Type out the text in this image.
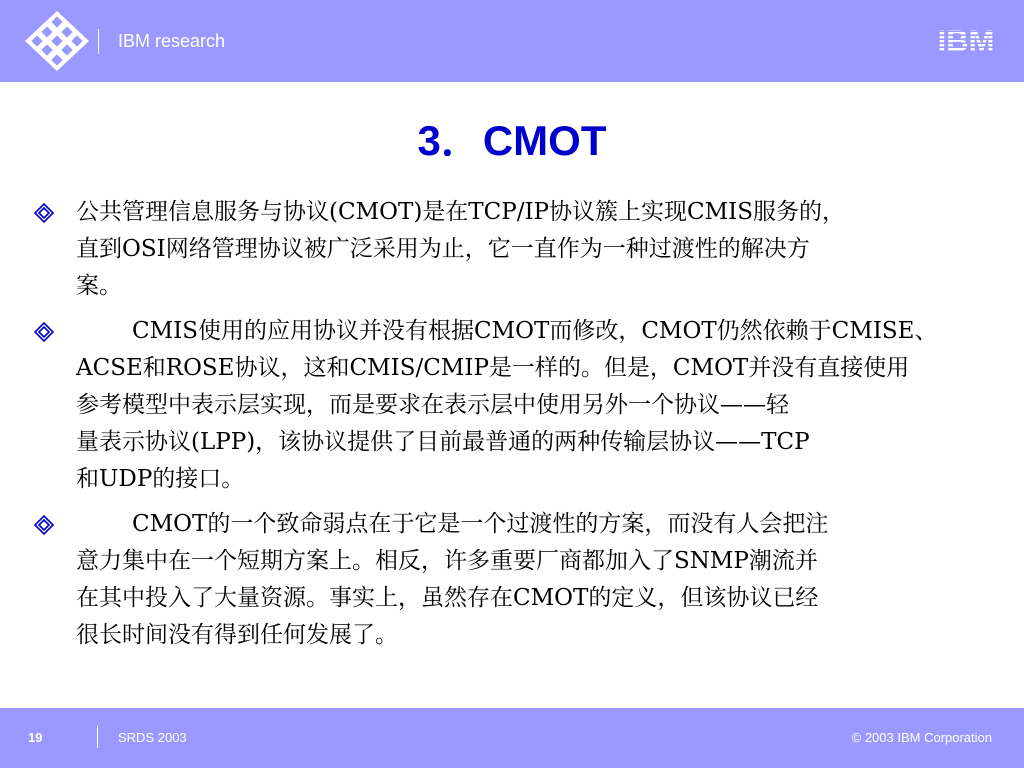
IBM research	IBM
3．CMOT

公共管理信息服务与协议(CMOT)是在TCP/IP协议簇上实现CMIS服务的，

直到OSI网络管理协议被广泛采用为止，它一直作为一种过渡性的解决方

案。

CMIS使用的应用协议并没有根据CMOT而修改，CMOT仍然依赖于CMISE、

ACSE和ROSE协议，这和CMIS/CMIP是一样的。但是，CMOT并没有直接使用

参考模型中表示层实现，而是要求在表示层中使用另外一个协议——轻

量表示协议(LPP)，该协议提供了目前最普通的两种传输层协议——TCP

和UDP的接口。

CMOT的一个致命弱点在于它是一个过渡性的方案，而没有人会把注

意力集中在一个短期方案上。相反，许多重要厂商都加入了SNMP潮流并

在其中投入了大量资源。事实上，虽然存在CMOT的定义，但该协议已经

很长时间没有得到任何发展了。

19	SRDS 2003	© 2003 IBM Corporation
